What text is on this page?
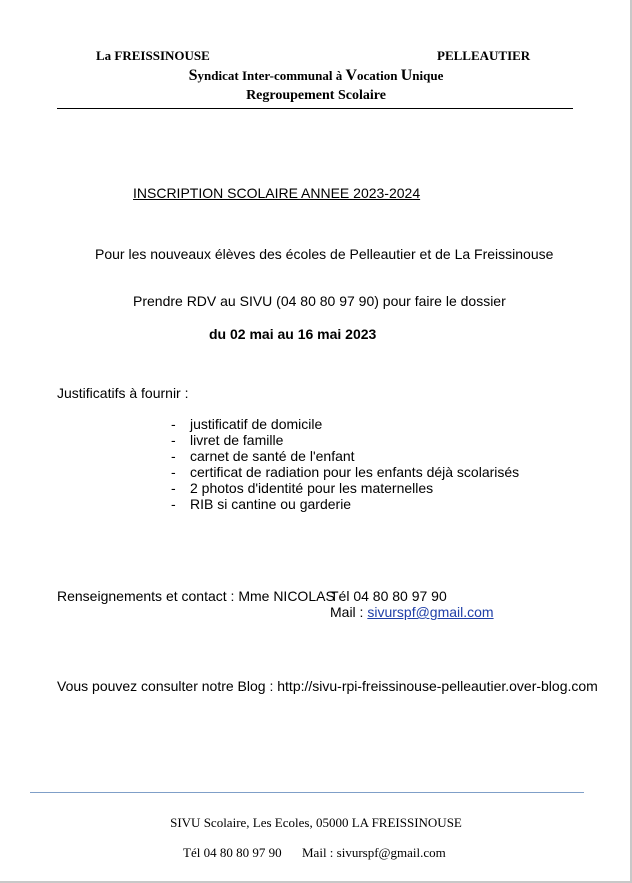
La FREISSINOUSE	PELLEAUTIER
Syndicat Inter-communal à Vocation Unique
Regroupement Scolaire
INSCRIPTION SCOLAIRE ANNEE 2023-2024
Pour les nouveaux élèves des écoles de Pelleautier et de La Freissinouse
Prendre RDV au SIVU (04 80 80 97 90) pour faire le dossier
du 02 mai au 16 mai 2023
Justificatifs à fournir :
- justificatif de domicile
- livret de famille
- carnet de santé de l'enfant
- certificat de radiation pour les enfants déjà scolarisés
- 2 photos d'identité pour les maternelles
- RIB si cantine ou garderie
Renseignements et contact : Mme NICOLAS
Tél 04 80 80 97 90
Mail : sivurspf@gmail.com
Vous pouvez consulter notre Blog : http://sivu-rpi-freissinouse-pelleautier.over-blog.com
SIVU Scolaire, Les Ecoles, 05000 LA FREISSINOUSE
Tél 04 80 80 97 90 Mail : sivurspf@gmail.com
